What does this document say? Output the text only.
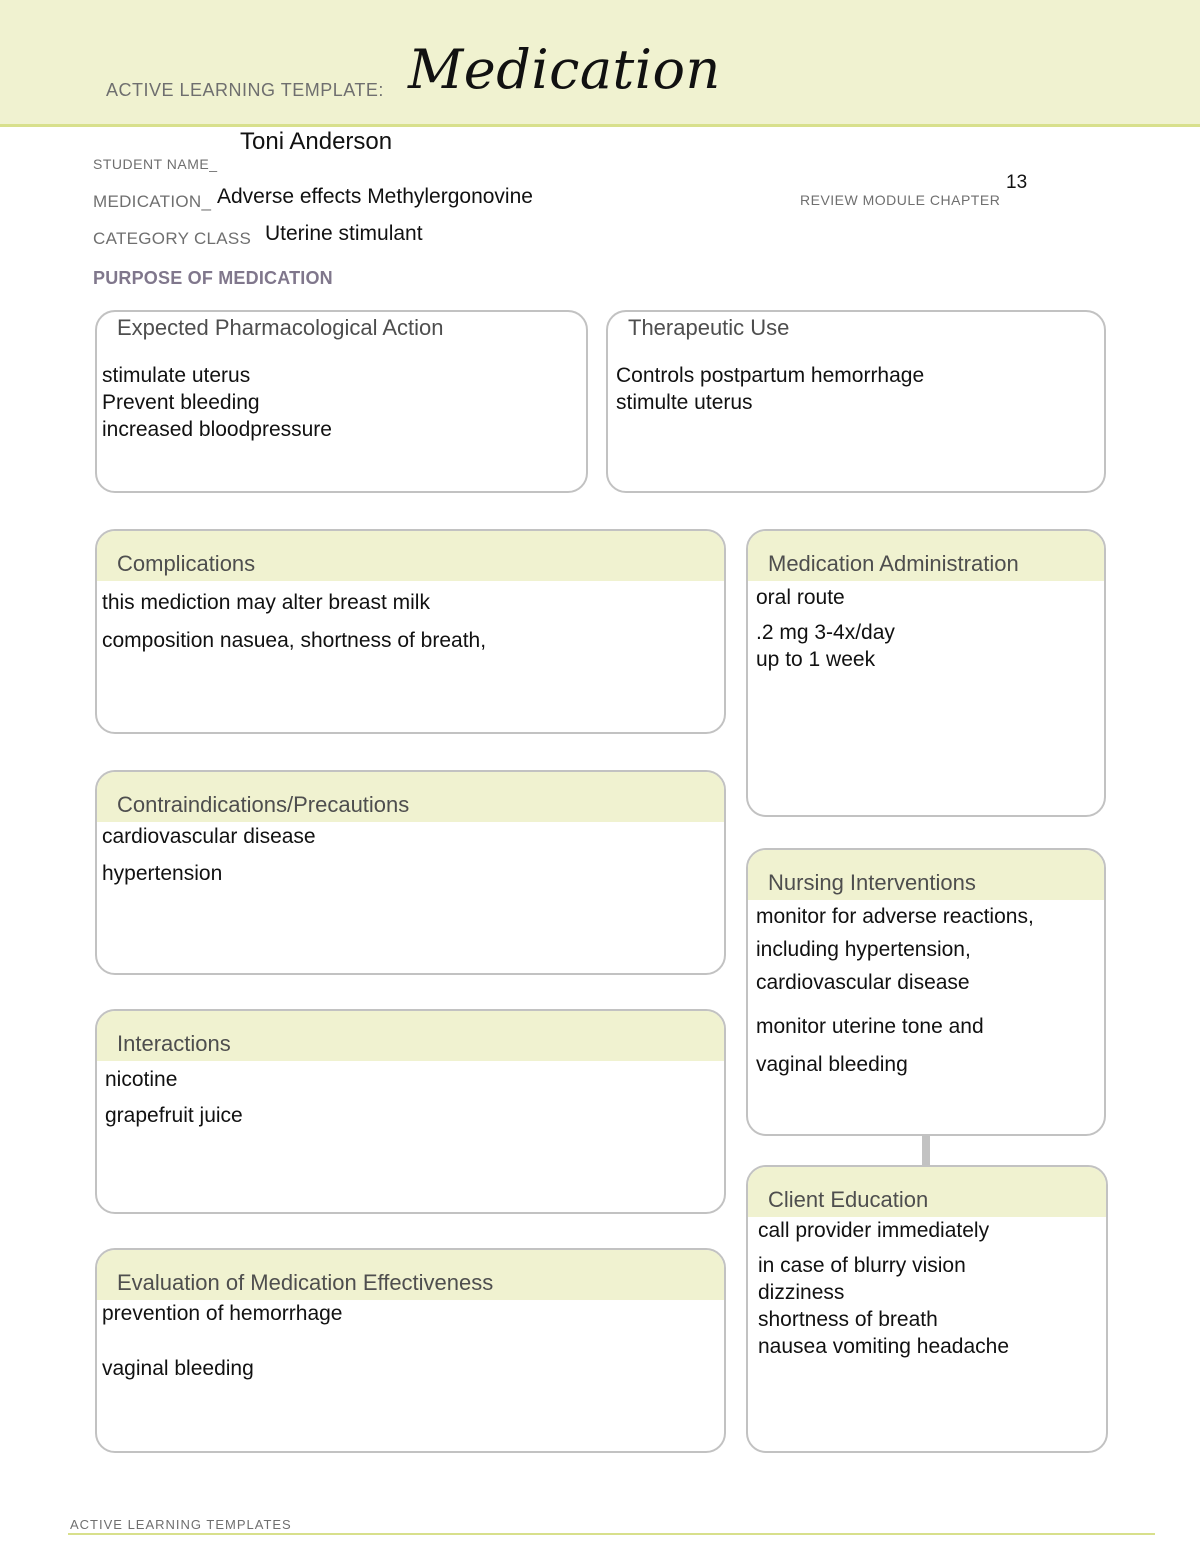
ACTIVE LEARNING TEMPLATE: Medication
Toni Anderson
STUDENT NAME_
MEDICATION_ Adverse effects Methylergonovine	REVIEW MODULE CHAPTER
13
CATEGORY CLASS Uterine stimulant
PURPOSE OF MEDICATION
Expected Pharmacological Action
stimulate uterus
Prevent bleeding
increased bloodpressure
Therapeutic Use
Controls postpartum hemorrhage
stimulte uterus
Complications
this mediction may alter breast milk
composition nasuea, shortness of breath,
Medication Administration
oral route
.2 mg 3-4x/day
up to 1 week
Contraindications/Precautions
cardiovascular disease
hypertension	Nursing Interventions
monitor for adverse reactions,
including hypertension,
cardiovascular disease
monitor uterine tone and
vaginal bleeding
Interactions
nicotine
grapefruit juice
Client Education
call provider immediately
in case of blurry vision
dizziness
shortness of breath
nausea vomiting headache
Evaluation of Medication Effectiveness
prevention of hemorrhage
vaginal bleeding
ACTIVE LEARNING TEMPLATES
